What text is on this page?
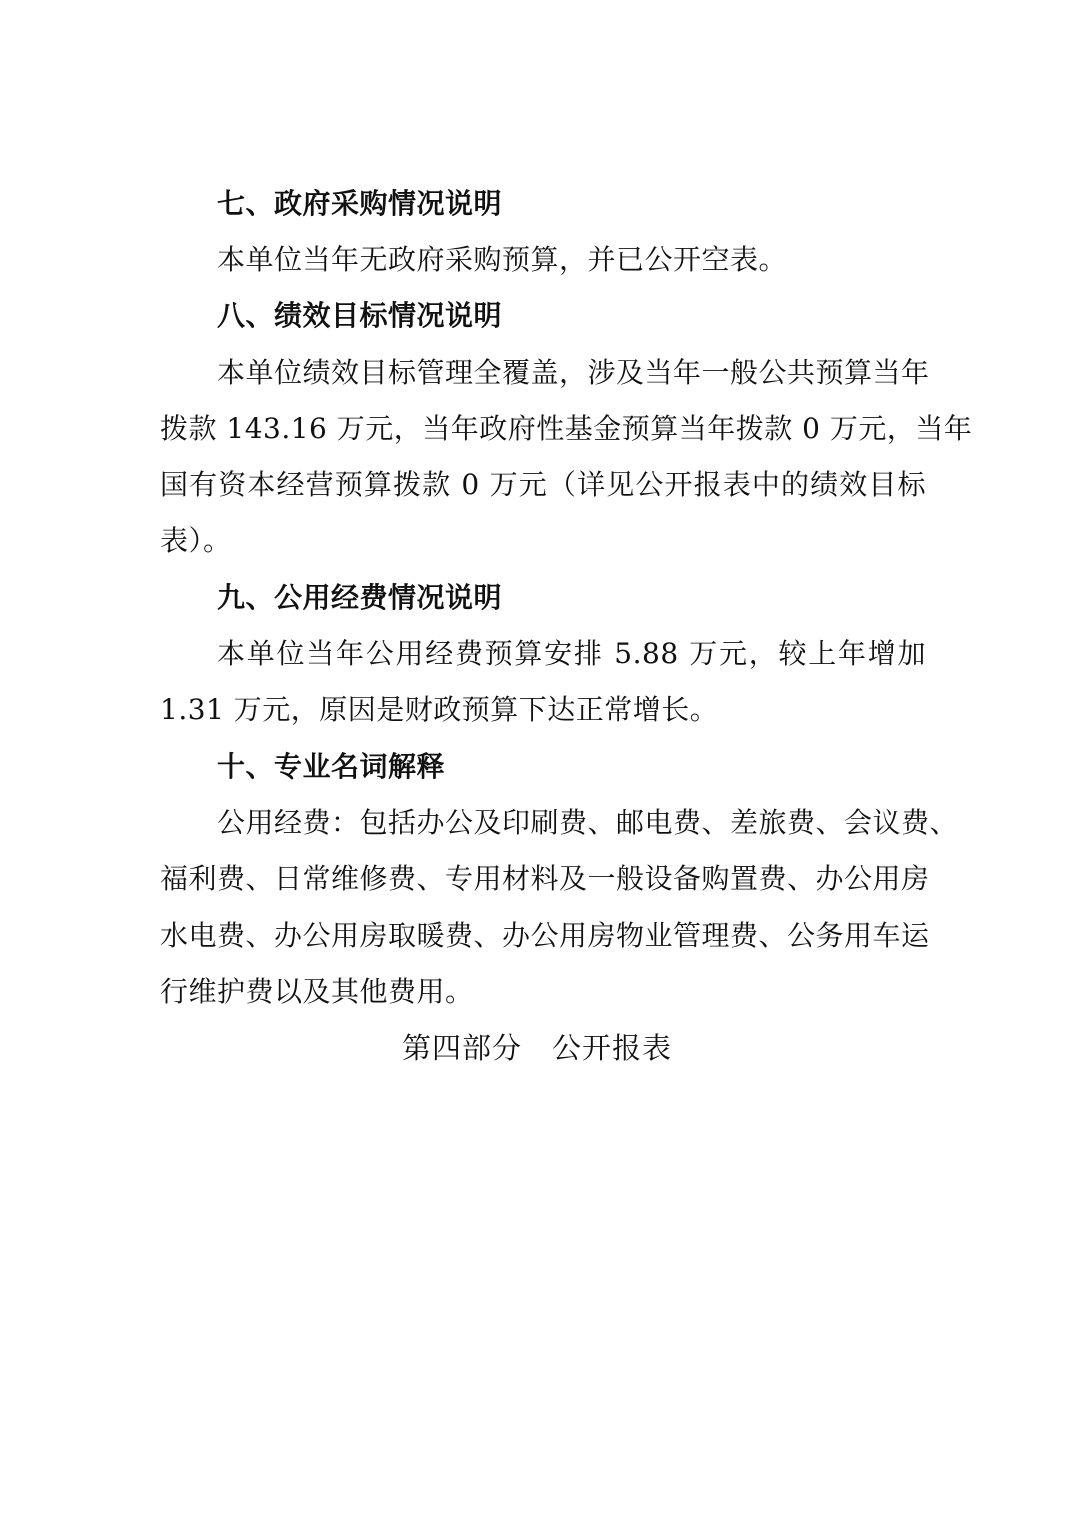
七、政府采购情况说明
本单位当年无政府采购预算，并已公开空表。
八、绩效目标情况说明
本单位绩效目标管理全覆盖，涉及当年一般公共预算当年
拨款 143.16 万元，当年政府性基金预算当年拨款 0 万元，当年
国有资本经营预算拨款 0 万元（详见公开报表中的绩效目标
表）。
九、公用经费情况说明
本单位当年公用经费预算安排 5.88 万元，较上年增加
1.31 万元，原因是财政预算下达正常增长。
十、专业名词解释
公用经费：包括办公及印刷费、邮电费、差旅费、会议费、
福利费、日常维修费、专用材料及一般设备购置费、办公用房
水电费、办公用房取暖费、办公用房物业管理费、公务用车运
行维护费以及其他费用。
第四部分　公开报表
